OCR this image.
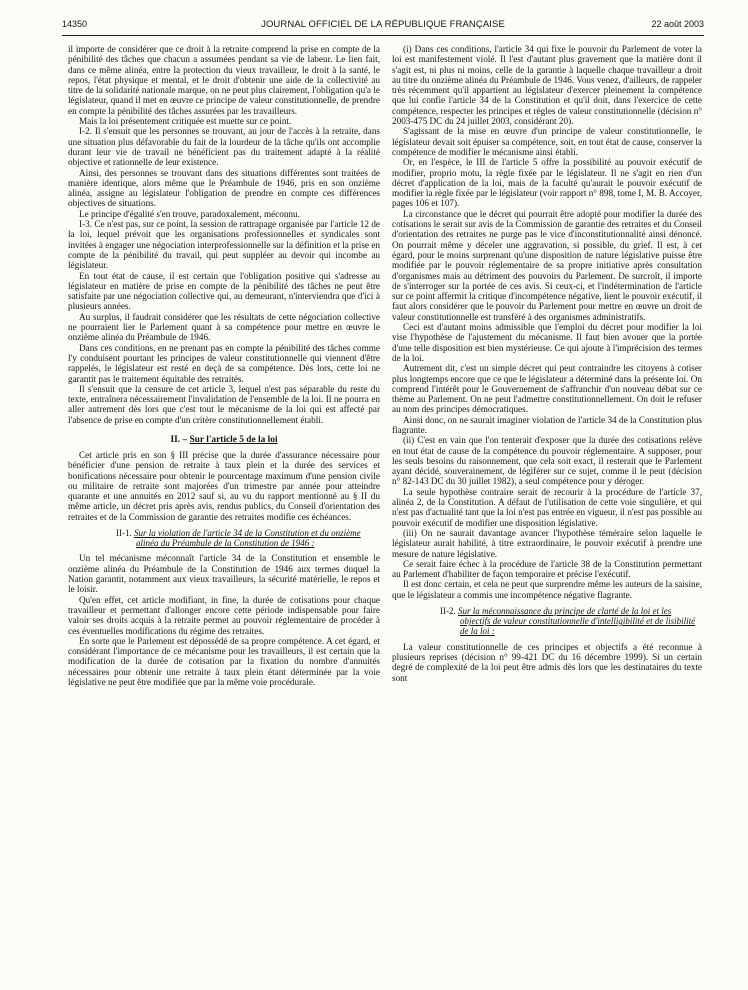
14350	JOURNAL OFFICIEL DE LA RÉPUBLIQUE FRANÇAISE	22 août 2003

il importe de considérer que ce droit à la retraite comprend la prise en compte de la pénibilité des tâches que chacun a assumées pendant sa vie de labeur. Le lien fait, dans ce même alinéa, entre la protection du vieux travailleur, le droit à la santé, le repos, l'état physique et mental, et le droit d'obtenir une aide de la collectivité au titre de la solidarité nationale marque, on ne peut plus clairement, l'obligation qu'a le législateur, quand il met en œuvre ce principe de valeur constitutionnelle, de prendre en compte la pénibilité des tâches assurées par les travailleurs.

Mais la loi présentement critiquée est muette sur ce point.

I-2. Il s'ensuit que les personnes se trouvant, au jour de l'accès à la retraite, dans une situation plus défavorable du fait de la lourdeur de la tâche qu'ils ont accomplie durant leur vie de travail ne bénéficient pas du traitement adapté à la réalité objective et rationnelle de leur existence.

Ainsi, des personnes se trouvant dans des situations différentes sont traitées de manière identique, alors même que le Préambule de 1946, pris en son onzième alinéa, assigne au législateur l'obligation de prendre en compte ces différences objectives de situations.

Le principe d'égalité s'en trouve, paradoxalement, méconnu.

I-3. Ce n'est pas, sur ce point, la session de rattrapage organisée par l'article 12 de la loi, lequel prévoit que les organisations professionnelles et syndicales sont invitées à engager une négociation interprofessionnelle sur la définition et la prise en compte de la pénibilité du travail, qui peut suppléer au devoir qui incombe au législateur.

En tout état de cause, il est certain que l'obligation positive qui s'adresse au législateur en matière de prise en compte de la pénibilité des tâches ne peut être satisfaite par une négociation collective qui, au demeurant, n'interviendra que d'ici à plusieurs années.

Au surplus, il faudrait considérer que les résultats de cette négociation collective ne pourraient lier le Parlement quant à sa compétence pour mettre en œuvre le onzième alinéa du Préambule de 1946.

Dans ces conditions, en ne prenant pas en compte la pénibilité des tâches comme l'y conduisent pourtant les principes de valeur constitutionnelle qui viennent d'être rappelés, le législateur est resté en deçà de sa compétence. Dès lors, cette loi ne garantit pas le traitement équitable des retraités.

Il s'ensuit que la censure de cet article 3, lequel n'est pas séparable du reste du texte, entraînera nécessairement l'invalidation de l'ensemble de la loi. Il ne pourra en aller autrement dès lors que c'est tout le mécanisme de la loi qui est affecté par l'absence de prise en compte d'un critère constitutionnellement établi.

II. – Sur l'article 5 de la loi

Cet article pris en son § III précise que la durée d'assurance nécessaire pour bénéficier d'une pension de retraite à taux plein et la durée des services et bonifications nécessaire pour obtenir le pourcentage maximum d'une pension civile ou militaire de retraite sont majorées d'un trimestre par année pour atteindre quarante et une annuités en 2012 sauf si, au vu du rapport mentionné au § II du même article, un décret pris après avis, rendus publics, du Conseil d'orientation des retraites et de la Commission de garantie des retraites modifie ces échéances.

II-1. Sur la violation de l'article 34 de la Constitution et du onzième alinéa du Préambule de la Constitution de 1946 :

Un tel mécanisme méconnaît l'article 34 de la Constitution et ensemble le onzième alinéa du Préambule de la Constitution de 1946 aux termes duquel la Nation garantit, notamment aux vieux travailleurs, la sécurité matérielle, le repos et le loisir.

Qu'en effet, cet article modifiant, in fine, la durée de cotisations pour chaque travailleur et permettant d'allonger encore cette période indispensable pour faire valoir ses droits acquis à la retraite permet au pouvoir réglementaire de procéder à ces éventuelles modifications du régime des retraites.

En sorte que le Parlement est dépossédé de sa propre compétence. A cet égard, et considérant l'importance de ce mécanisme pour les travailleurs, il est certain que la modification de la durée de cotisation par la fixation du nombre d'annuités nécessaires pour obtenir une retraite à taux plein étant déterminée par la voie législative ne peut être modifiée que par la même voie procédurale.

(i) Dans ces conditions, l'article 34 qui fixe le pouvoir du Parlement de voter la loi est manifestement violé. Il l'est d'autant plus gravement que la matière dont il s'agit est, ni plus ni moins, celle de la garantie à laquelle chaque travailleur a droit au titre du onzième alinéa du Préambule de 1946. Vous venez, d'ailleurs, de rappeler très récemment qu'il appartient au législateur d'exercer pleinement la compétence que lui confie l'article 34 de la Constitution et qu'il doit, dans l'exercice de cette compétence, respecter les principes et règles de valeur constitutionnelle (décision n° 2003-475 DC du 24 juillet 2003, considérant 20).

S'agissant de la mise en œuvre d'un principe de valeur constitutionnelle, le législateur devait soit épuiser sa compétence, soit, en tout état de cause, conserver la compétence de modifier le mécanisme ainsi établi.

Or, en l'espèce, le III de l'article 5 offre la possibilité au pouvoir exécutif de modifier, proprio motu, la règle fixée par le législateur. Il ne s'agit en rien d'un décret d'application de la loi, mais de la faculté qu'aurait le pouvoir exécutif de modifier la règle fixée par le législateur (voir rapport n° 898, tome I, M. B. Accoyer, pages 106 et 107).

La circonstance que le décret qui pourrait être adopté pour modifier la durée des cotisations le serait sur avis de la Commission de garantie des retraites et du Conseil d'orientation des retraites ne purge pas le vice d'inconstitutionnalité ainsi dénoncé. On pourrait même y déceler une aggravation, si possible, du grief. Il est, à cet égard, pour le moins surprenant qu'une disposition de nature législative puisse être modifiée par le pouvoir réglementaire de sa propre initiative après consultation d'organismes mais au détriment des pouvoirs du Parlement. De surcroît, il importe de s'interroger sur la portée de ces avis. Si ceux-ci, et l'indétermination de l'article sur ce point affermit la critique d'incompétence négative, lient le pouvoir exécutif, il faut alors considérer que le pouvoir du Parlement pour mettre en œuvre un droit de valeur constitutionnelle est transféré à des organismes administratifs.

Ceci est d'autant moins admissible que l'emploi du décret pour modifier la loi vise l'hypothèse de l'ajustement du mécanisme. Il faut bien avouer que la portée d'une telle disposition est bien mystérieuse. Ce qui ajoute à l'imprécision des termes de la loi.

Autrement dit, c'est un simple décret qui peut contraindre les citoyens à cotiser plus longtemps encore que ce que le législateur a déterminé dans la présente loi. On comprend l'intérêt pour le Gouvernement de s'affranchir d'un nouveau débat sur ce thème au Parlement. On ne peut l'admettre constitutionnellement. On doit le refuser au nom des principes démocratiques.

Ainsi donc, on ne saurait imaginer violation de l'article 34 de la Constitution plus flagrante.

(ii) C'est en vain que l'on tenterait d'exposer que la durée des cotisations relève en tout état de cause de la compétence du pouvoir réglementaire. A supposer, pour les seuls besoins du raisonnement, que cela soit exact, il resterait que le Parlement ayant décidé, souverainement, de légiférer sur ce sujet, comme il le peut (décision n° 82-143 DC du 30 juillet 1982), a seul compétence pour y déroger.

La seule hypothèse contraire serait de recourir à la procédure de l'article 37, alinéa 2, de la Constitution. A défaut de l'utilisation de cette voie singulière, et qui n'est pas d'actualité tant que la loi n'est pas entrée en vigueur, il n'est pas possible au pouvoir exécutif de modifier une disposition législative.

(iii) On ne saurait davantage avancer l'hypothèse téméraire selon laquelle le législateur aurait habilité, à titre extraordinaire, le pouvoir exécutif à prendre une mesure de nature législative.

Ce serait faire échec à la procédure de l'article 38 de la Constitution permettant au Parlement d'habiliter de façon temporaire et précise l'exécutif.

Il est donc certain, et cela ne peut que surprendre même les auteurs de la saisine, que le législateur a commis une incompétence négative flagrante.

II-2. Sur la méconnaissance du principe de clarté de la loi et les objectifs de valeur constitutionnelle d'intelligibilité et de lisibilité de la loi :

La valeur constitutionnelle de ces principes et objectifs a été reconnue à plusieurs reprises (décision n° 99-421 DC du 16 décembre 1999). Si un certain degré de complexité de la loi peut être admis dès lors que les destinataires du texte sont
